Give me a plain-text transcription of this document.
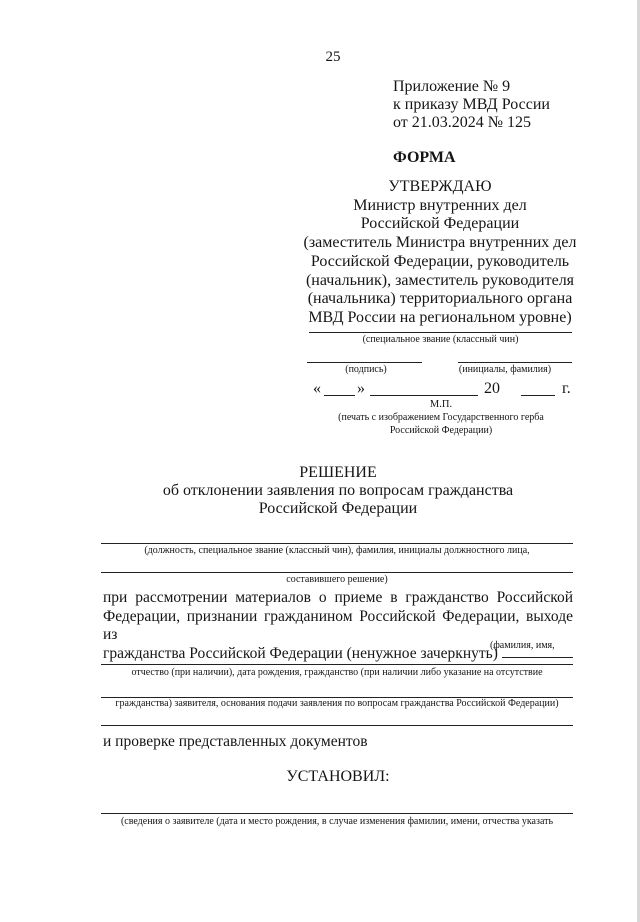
25
Приложение № 9
к приказу МВД России
от 21.03.2024 № 125
ФОРМА
УТВЕРЖДАЮ
Министр внутренних дел
Российской Федерации
(заместитель Министра внутренних дел
Российской Федерации, руководитель
(начальник), заместитель руководителя
(начальника) территориального органа
МВД России на региональном уровне)
(специальное звание (классный чин)
(подпись)	(инициалы, фамилия)
« »	20	г.
М.П.
(печать с изображением Государственного герба
Российской Федерации)
РЕШЕНИЕ
об отклонении заявления по вопросам гражданства
Российской Федерации
(должность, специальное звание (классный чин), фамилия, инициалы должностного лица,
составившего решение)
при рассмотрении материалов о приеме в гражданство Российской
Федерации, признании гражданином Российской Федерации, выходе из
гражданства Российской Федерации (ненужное зачеркнуть)
(фамилия, имя,
отчество (при наличии), дата рождения, гражданство (при наличии либо указание на отсутствие
гражданства) заявителя, основания подачи заявления по вопросам гражданства Российской Федерации)
и проверке представленных документов
УСТАНОВИЛ:
(сведения о заявителе (дата и место рождения, в случае изменения фамилии, имени, отчества указать
